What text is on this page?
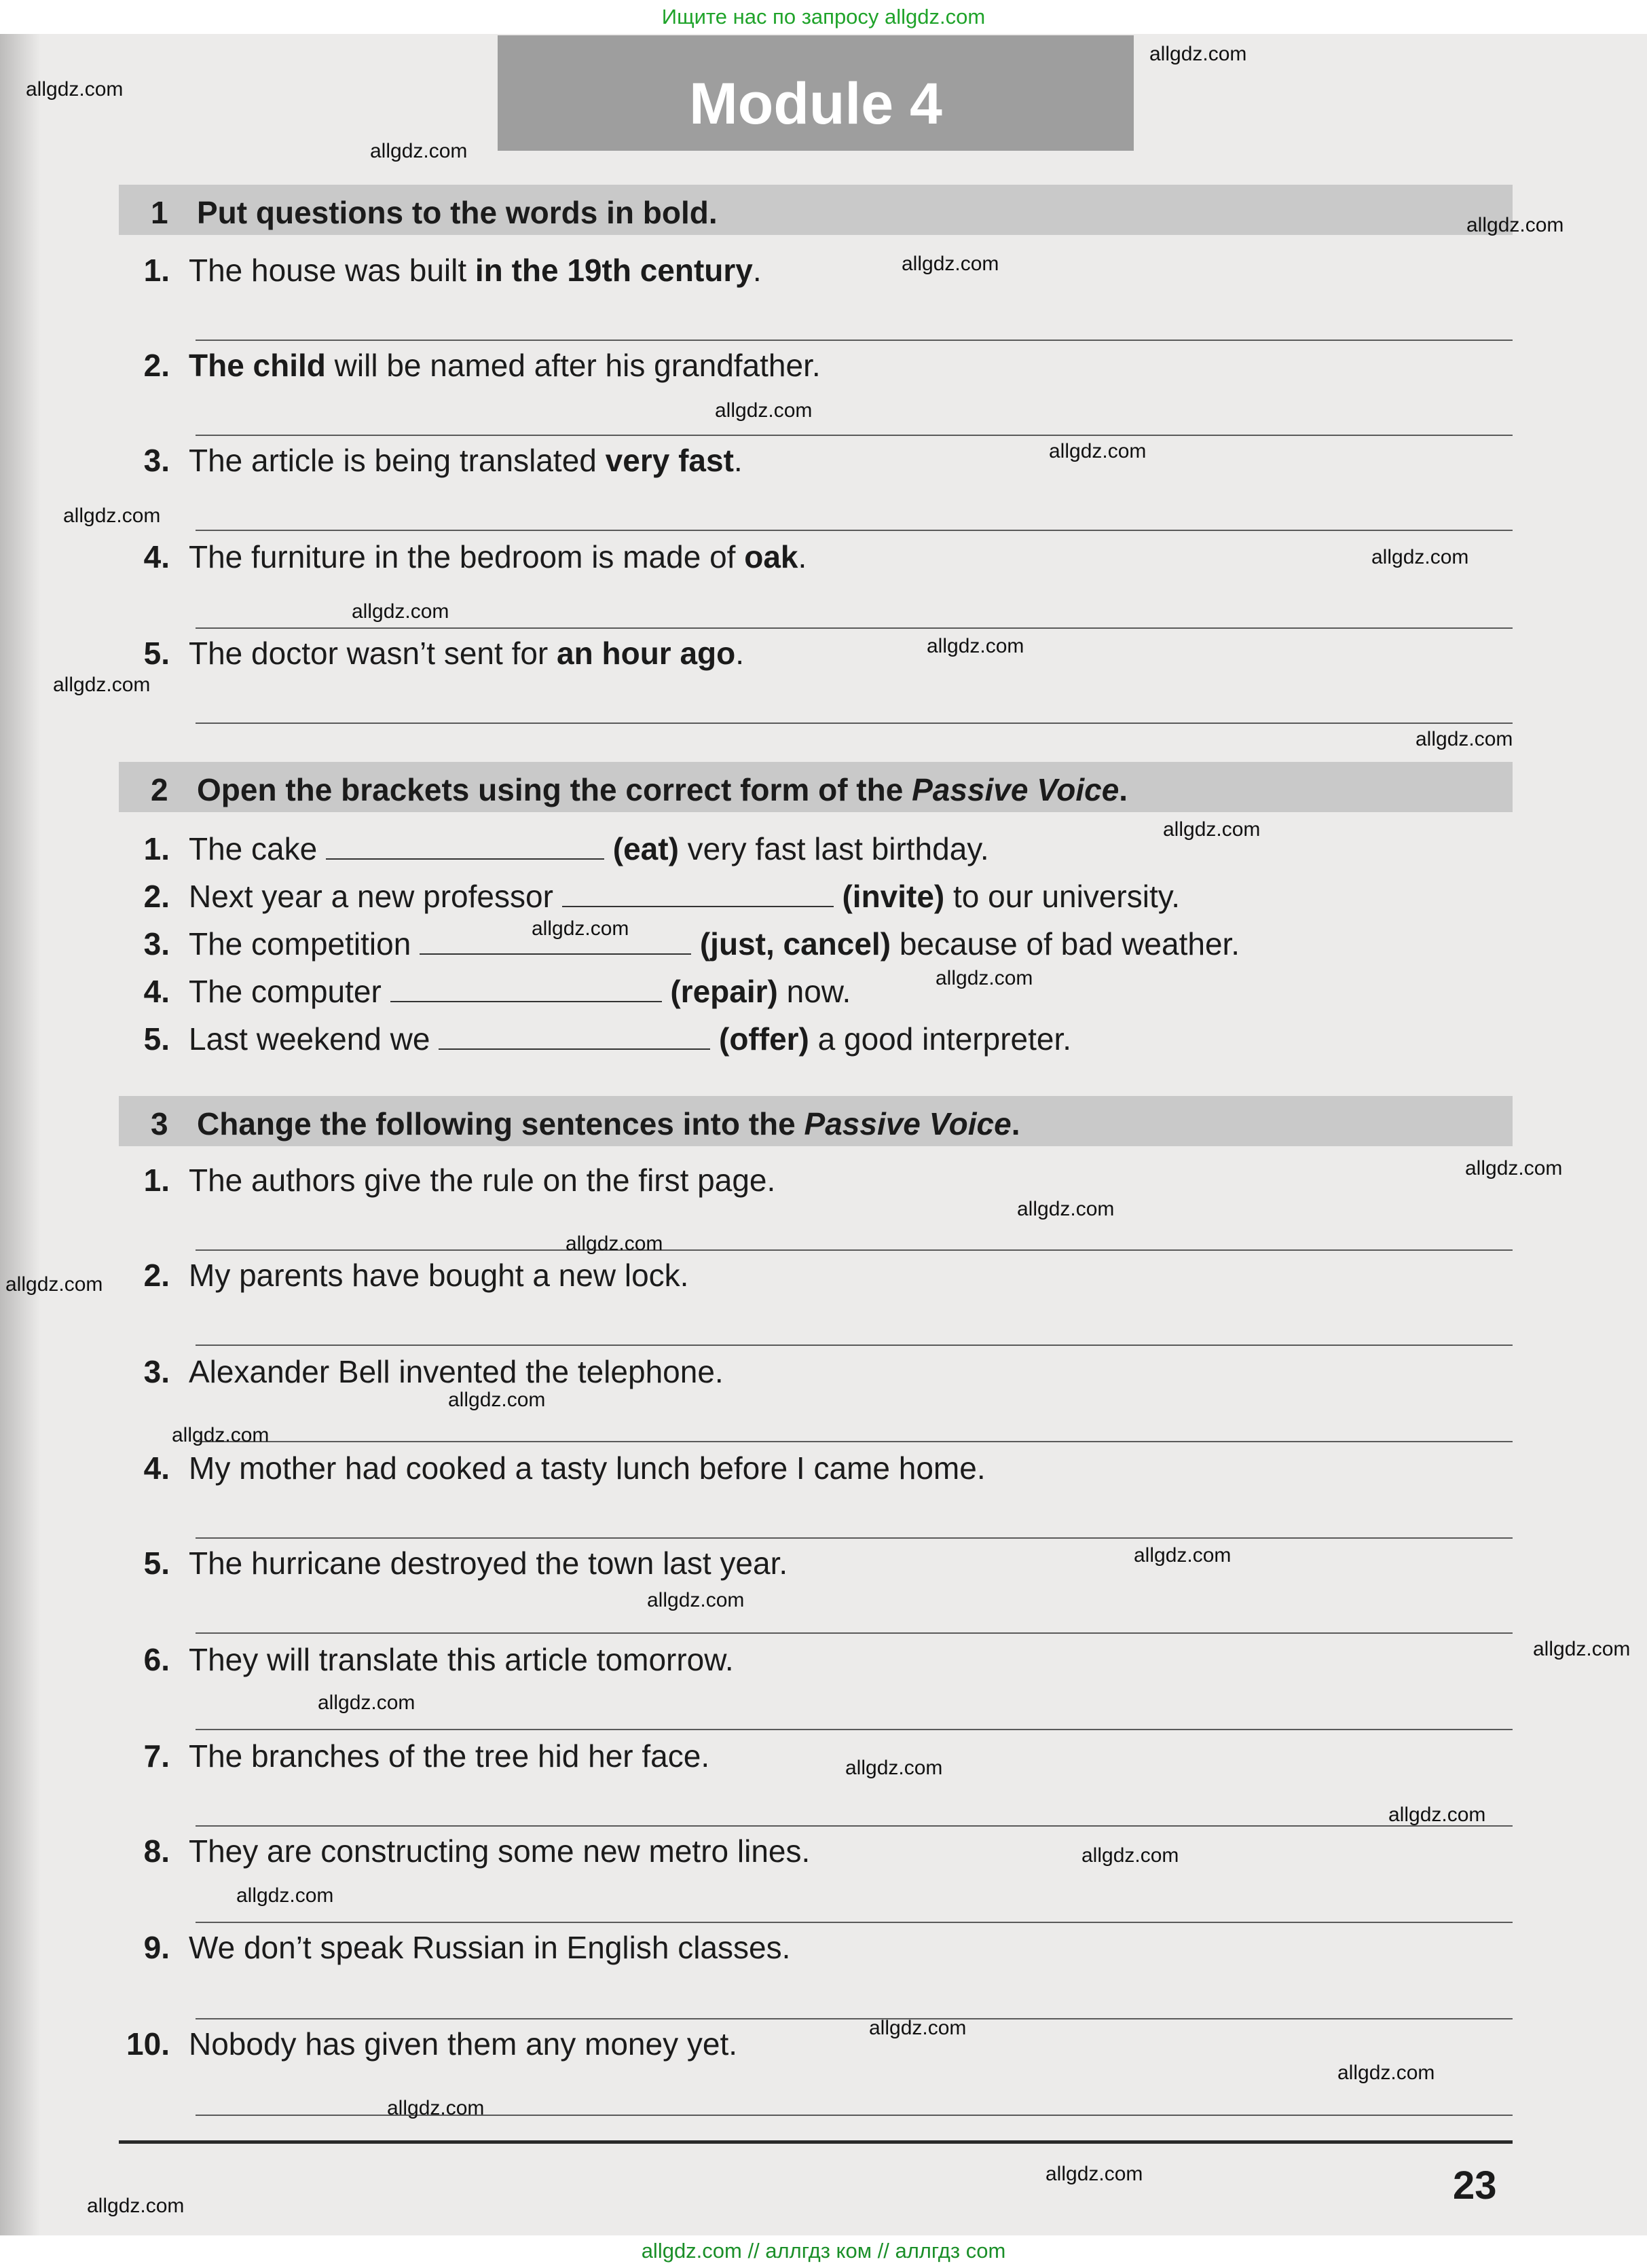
Ищите нас по запросу allgdz.com
Module 4
1 Put questions to the words in bold.
1. The house was built in the 19th century.
2. The child will be named after his grandfather.
3. The article is being translated very fast.
4. The furniture in the bedroom is made of oak.
5. The doctor wasn’t sent for an hour ago.
2 Open the brackets using the correct form of the Passive Voice.
1. The cake	(eat) very fast last birthday.
2. Next year a new professor	(invite) to our university.
3. The competition	(just, cancel) because of bad weather.
4. The computer	(repair) now.
5. Last weekend we	(offer) a good interpreter.
3 Change the following sentences into the Passive Voice.
1. The authors give the rule on the first page.
2. My parents have bought a new lock.
3. Alexander Bell invented the telephone.
4. My mother had cooked a tasty lunch before I came home.
5. The hurricane destroyed the town last year.
6. They will translate this article tomorrow.
7. The branches of the tree hid her face.
8. They are constructing some new metro lines.
9. We don’t speak Russian in English classes.
10. Nobody has given them any money yet.
23
allgdz.com
allgdz.com
allgdz.com
allgdz.com
allgdz.com
allgdz.com
allgdz.com
allgdz.com
allgdz.com
allgdz.com
allgdz.com
allgdz.com
allgdz.com
allgdz.com
allgdz.com
allgdz.com
allgdz.com
allgdz.com
allgdz.com
allgdz.com
allgdz.com
allgdz.com
allgdz.com
allgdz.com
allgdz.com
allgdz.com
allgdz.com
allgdz.com
allgdz.com
allgdz.com
allgdz.com
allgdz.com
allgdz.com
allgdz.com
allgdz.com
allgdz.com // аллгдз ком // аллгдз com
